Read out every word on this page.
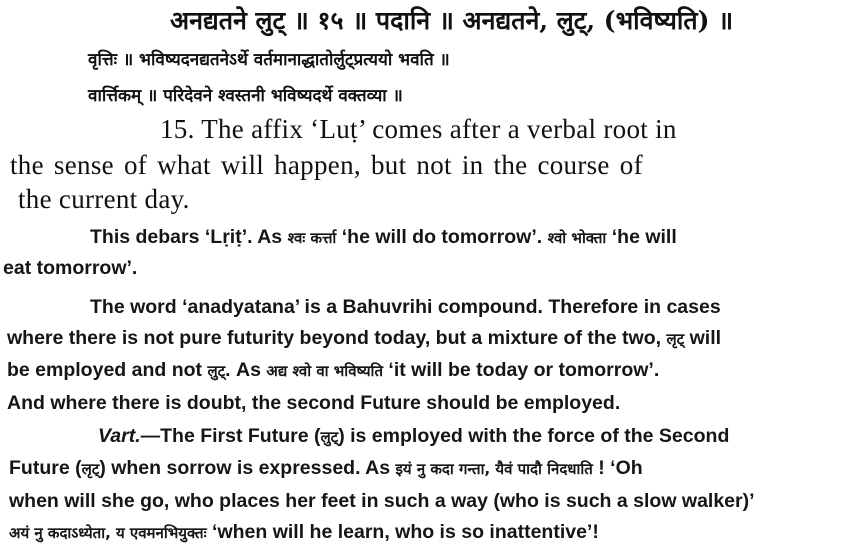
अनद्यतने लुट् ॥ १५ ॥ पदानि ॥ अनद्यतने, लुट्, (भविष्यति) ॥
वृत्तिः ॥ भविष्यदनद्यतनेऽर्थे वर्तमानाद्धातोर्लुट्प्रत्ययो भवति ॥
वार्त्तिकम् ॥ परिदेवने श्वस्तनी भविष्यदर्थे वक्तव्या ॥
15. The affix ‘Luṭ’ comes after a verbal root in
the sense of what will happen, but not in the course of
the current day.
This debars ‘Lṛiṭ’. As श्वः कर्त्ता ‘he will do tomorrow’. श्वो भोक्ता ‘he will
eat tomorrow’.
The word ‘anadyatana’ is a Bahuvrihi compound. Therefore in cases
where there is not pure futurity beyond today, but a mixture of the two, लृट् will
be employed and not लुट्. As अद्य श्वो वा भविष्यति ‘it will be today or tomorrow’.
And where there is doubt, the second Future should be employed.
Vart.—The First Future (लुट्) is employed with the force of the Second
Future (लृट्) when sorrow is expressed. As इयं नु कदा गन्ता, यैवं पादौ निदधाति ! ‘Oh
when will she go, who places her feet in such a way (who is such a slow walker)’
अयं नु कदाऽध्येता, य एवमनभियुक्तः ‘when will he learn, who is so inattentive’!
